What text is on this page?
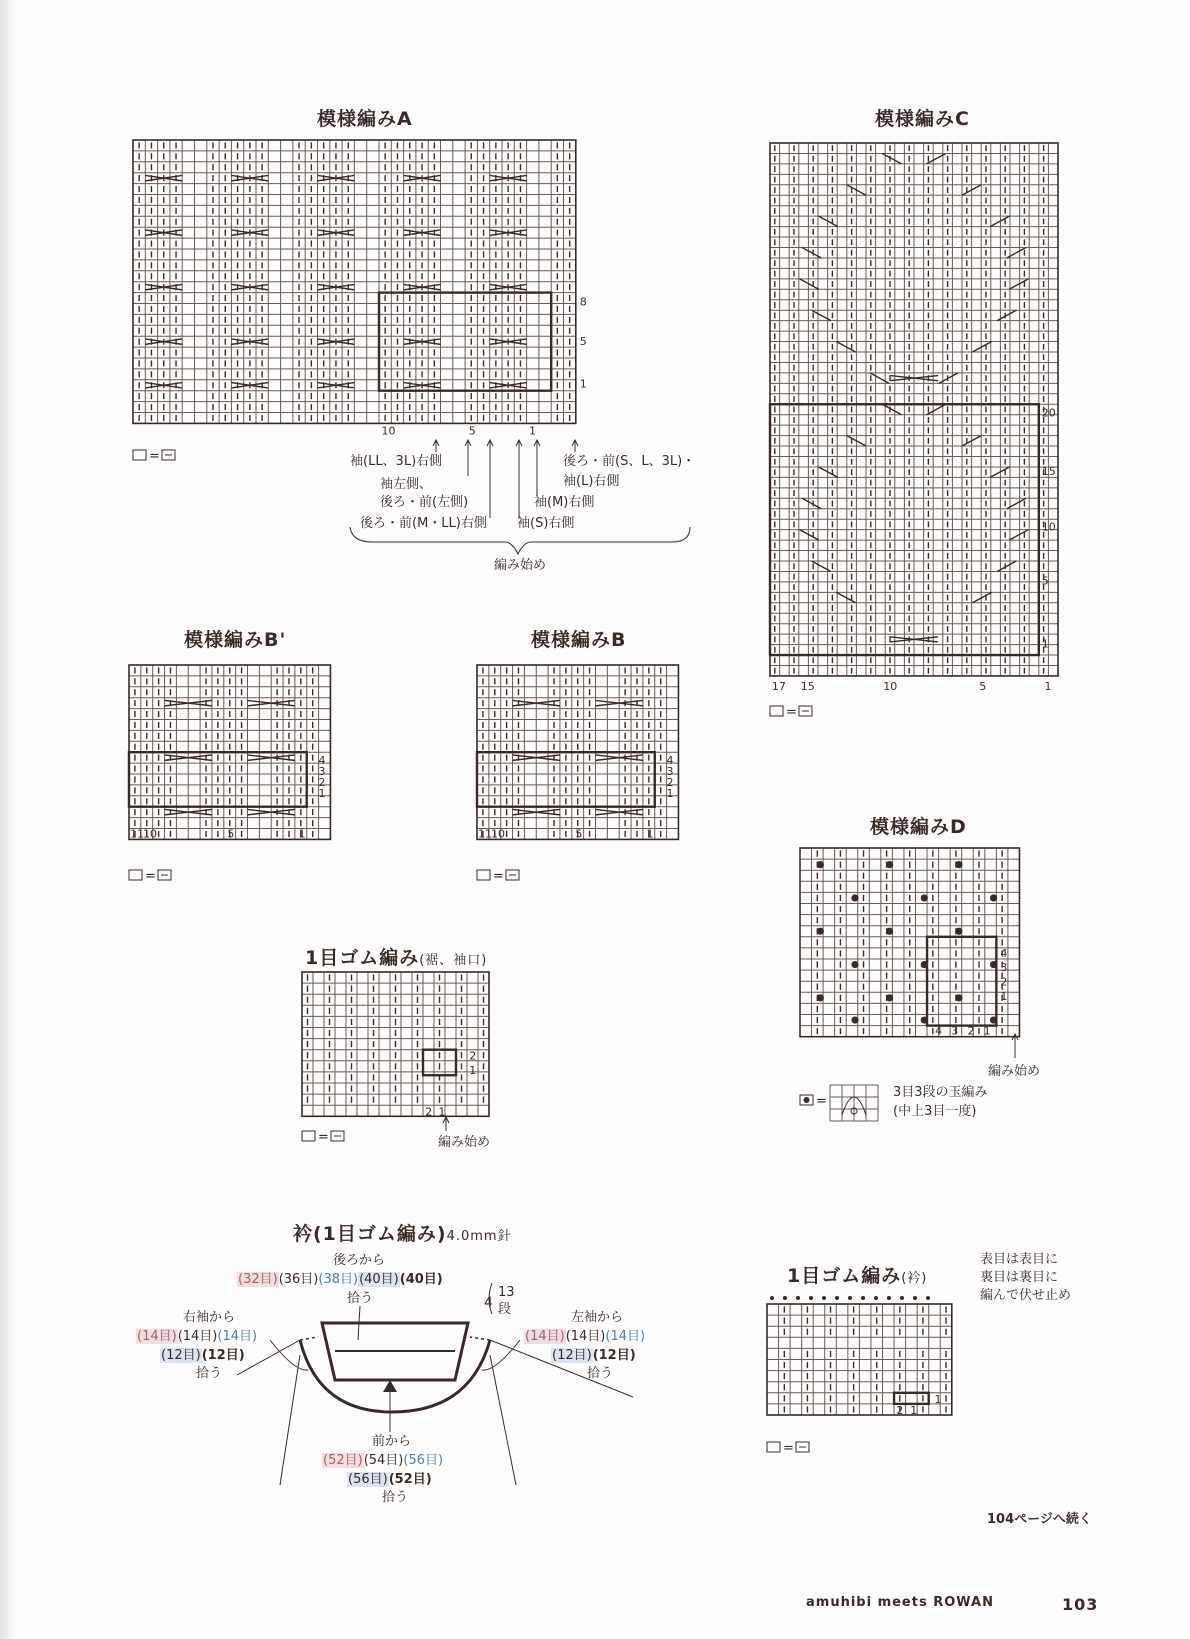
8
5
1
10	5	1
=
20
15
10
5
1
17 15	10	5	1
=
4
3
2
1
11 10	5	1
=
4
3
2
1
11 10	5	1
=
4
3
2
1
4 3 2 1
=
2
1
2 1
=
1
2 1
=
模様編みA	模様編みC
模様編みB'	模様編みB
模様編みD
1目ゴム編み(裾、袖口)
衿(1目ゴム編み)4.0mm針
1目ゴム編み(衿)
袖(LL、3L)右側
袖左側、
後ろ・前(左側)
後ろ・前(M・LL)右側
後ろ・前(S、L、3L)・
袖(L)右側
袖(M)右側
袖(S)右側
編み始め
編み始め
3目3段の玉編み
(中上3目一度)
編み始め
表目は表目に
裏目は裏目に
編んで伏せ止め
後ろから
(32目)(36目)(38目)(40目)(40目)
拾う	4
13
段
右袖から
(14目)(14目)(14目)
(12目)(12目)
拾う
左袖から
(14目)(14目)(14目)
(12目)(12目)
拾う
前から
(52目)(54目)(56目)
(56目)(52目)
拾う
104ページへ続く
amuhibi meets ROWAN	103
